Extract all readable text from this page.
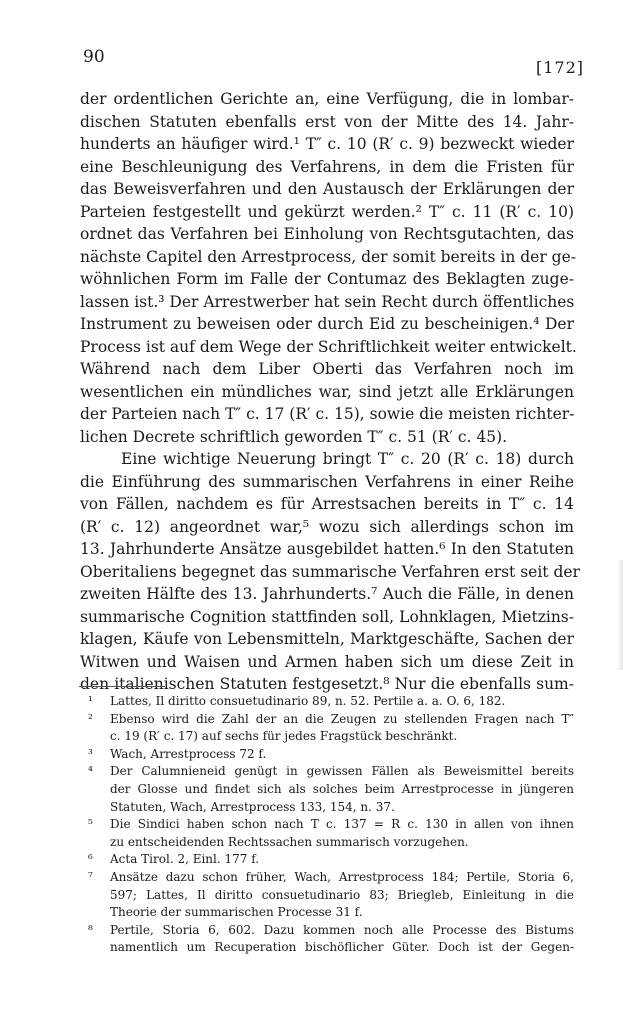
90
[172]
der ordentlichen Gerichte an, eine Verfügung, die in lombar-
dischen Statuten ebenfalls erst von der Mitte des 14. Jahr-
hunderts an häufiger wird.¹ T″ c. 10 (R′ c. 9) bezweckt wieder
eine Beschleunigung des Verfahrens, in dem die Fristen für
das Beweisverfahren und den Austausch der Erklärungen der
Parteien festgestellt und gekürzt werden.² T″ c. 11 (R′ c. 10)
ordnet das Verfahren bei Einholung von Rechtsgutachten, das
nächste Capitel den Arrestprocess, der somit bereits in der ge-
wöhnlichen Form im Falle der Contumaz des Beklagten zuge-
lassen ist.³ Der Arrestwerber hat sein Recht durch öffentliches
Instrument zu beweisen oder durch Eid zu bescheinigen.⁴ Der
Process ist auf dem Wege der Schriftlichkeit weiter entwickelt.
Während nach dem Liber Oberti das Verfahren noch im
wesentlichen ein mündliches war, sind jetzt alle Erklärungen
der Parteien nach T″ c. 17 (R′ c. 15), sowie die meisten richter-
lichen Decrete schriftlich geworden T″ c. 51 (R′ c. 45).
Eine wichtige Neuerung bringt T″ c. 20 (R′ c. 18) durch
die Einführung des summarischen Verfahrens in einer Reihe
von Fällen, nachdem es für Arrestsachen bereits in T″ c. 14
(R′ c. 12) angeordnet war,⁵ wozu sich allerdings schon im
13. Jahrhunderte Ansätze ausgebildet hatten.⁶ In den Statuten
Oberitaliens begegnet das summarische Verfahren erst seit der
zweiten Hälfte des 13. Jahrhunderts.⁷ Auch die Fälle, in denen
summarische Cognition stattfinden soll, Lohnklagen, Mietzins-
klagen, Käufe von Lebensmitteln, Marktgeschäfte, Sachen der
Witwen und Waisen und Armen haben sich um diese Zeit in
den italienischen Statuten festgesetzt.⁸ Nur die ebenfalls sum-
¹ Lattes, Il diritto consuetudinario 89, n. 52. Pertile a. a. O. 6, 182.
² Ebenso wird die Zahl der an die Zeugen zu stellenden Fragen nach T″
c. 19 (R′ c. 17) auf sechs für jedes Fragstück beschränkt.
³ Wach, Arrestprocess 72 f.
⁴ Der Calumnieneid genügt in gewissen Fällen als Beweismittel bereits
der Glosse und findet sich als solches beim Arrestprocesse in jüngeren
Statuten, Wach, Arrestprocess 133, 154, n. 37.
⁵ Die Sindici haben schon nach T c. 137 = R c. 130 in allen von ihnen
zu entscheidenden Rechtssachen summarisch vorzugehen.
⁶ Acta Tirol. 2, Einl. 177 f.
⁷ Ansätze dazu schon früher, Wach, Arrestprocess 184; Pertile, Storia 6,
597; Lattes, Il diritto consuetudinario 83; Briegleb, Einleitung in die
Theorie der summarischen Processe 31 f.
⁸ Pertile, Storia 6, 602. Dazu kommen noch alle Processe des Bistums
namentlich um Recuperation bischöflicher Güter. Doch ist der Gegen-
